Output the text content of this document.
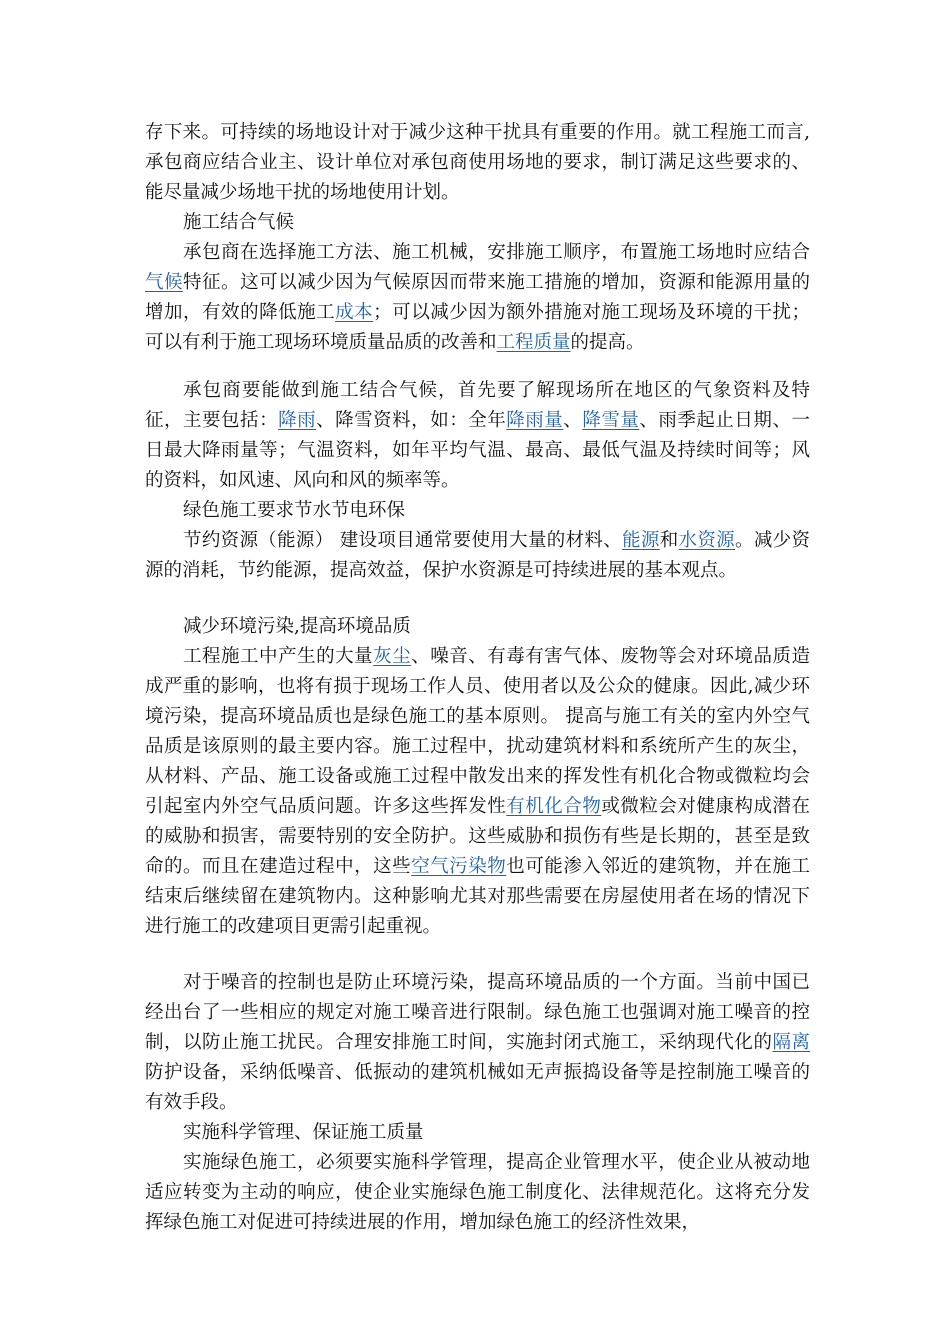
存下来。可持续的场地设计对于减少这种干扰具有重要的作用。就工程施工而言,承包商应结合业主、设计单位对承包商使用场地的要求，制订满足这些要求的、能尽量减少场地干扰的场地使用计划。

施工结合气候

承包商在选择施工方法、施工机械，安排施工顺序，布置施工场地时应结合气候特征。这可以减少因为气候原因而带来施工措施的增加，资源和能源用量的增加，有效的降低施工成本；可以减少因为额外措施对施工现场及环境的干扰；可以有利于施工现场环境质量品质的改善和工程质量的提高。

承包商要能做到施工结合气候，首先要了解现场所在地区的气象资料及特征，主要包括：降雨、降雪资料，如：全年降雨量、降雪量、雨季起止日期、一日最大降雨量等；气温资料，如年平均气温、最高、最低气温及持续时间等；风的资料，如风速、风向和风的频率等。

绿色施工要求节水节电环保

节约资源（能源） 建设项目通常要使用大量的材料、能源和水资源。减少资源的消耗，节约能源，提高效益，保护水资源是可持续进展的基本观点。

减少环境污染,提高环境品质

工程施工中产生的大量灰尘、噪音、有毒有害气体、废物等会对环境品质造成严重的影响，也将有损于现场工作人员、使用者以及公众的健康。因此,减少环境污染，提高环境品质也是绿色施工的基本原则。 提高与施工有关的室内外空气品质是该原则的最主要内容。施工过程中，扰动建筑材料和系统所产生的灰尘，从材料、产品、施工设备或施工过程中散发出来的挥发性有机化合物或微粒均会引起室内外空气品质问题。许多这些挥发性有机化合物或微粒会对健康构成潜在的威胁和损害，需要特别的安全防护。这些威胁和损伤有些是长期的，甚至是致命的。而且在建造过程中，这些空气污染物也可能渗入邻近的建筑物，并在施工结束后继续留在建筑物内。这种影响尤其对那些需要在房屋使用者在场的情况下进行施工的改建项目更需引起重视。

对于噪音的控制也是防止环境污染，提高环境品质的一个方面。当前中国已经出台了一些相应的规定对施工噪音进行限制。绿色施工也强调对施工噪音的控制，以防止施工扰民。合理安排施工时间，实施封闭式施工，采纳现代化的隔离防护设备，采纳低噪音、低振动的建筑机械如无声振捣设备等是控制施工噪音的有效手段。

实施科学管理、保证施工质量

实施绿色施工，必须要实施科学管理，提高企业管理水平，使企业从被动地适应转变为主动的响应，使企业实施绿色施工制度化、法律规范化。这将充分发挥绿色施工对促进可持续进展的作用，增加绿色施工的经济性效果，
